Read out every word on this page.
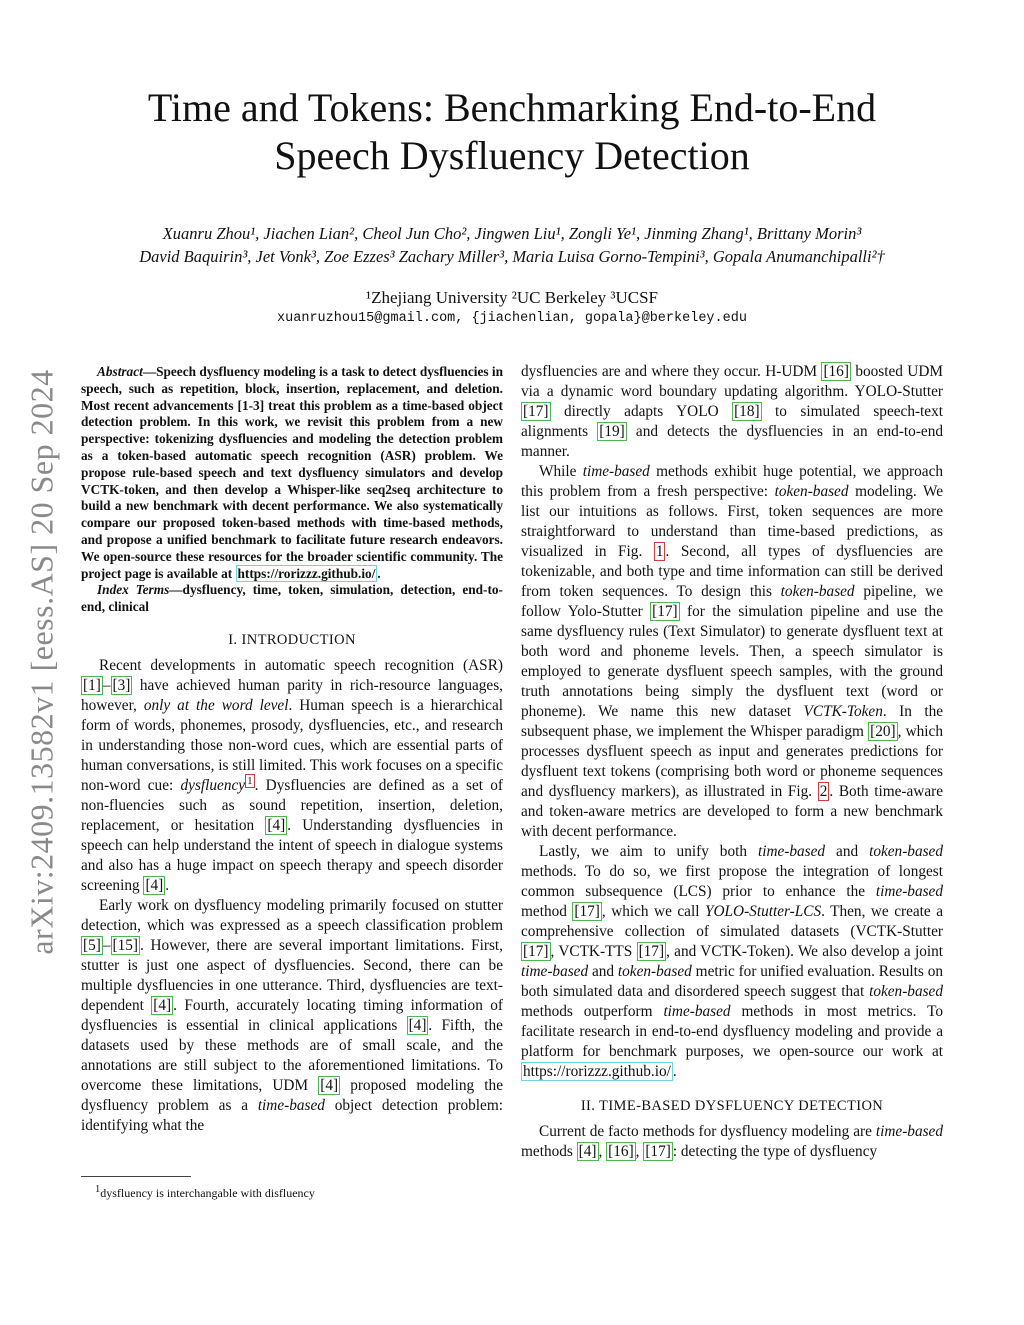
arXiv:2409.13582v1 [eess.AS] 20 Sep 2024
Time and Tokens: Benchmarking End-to-End
Speech Dysfluency Detection
Xuanru Zhou¹, Jiachen Lian², Cheol Jun Cho², Jingwen Liu¹, Zongli Ye¹, Jinming Zhang¹, Brittany Morin³
David Baquirin³, Jet Vonk³, Zoe Ezzes³ Zachary Miller³, Maria Luisa Gorno-Tempini³, Gopala Anumanchipalli²†
¹Zhejiang University ²UC Berkeley ³UCSF
xuanruzhou15@gmail.com, {jiachenlian, gopala}@berkeley.edu

Abstract—Speech dysfluency modeling is a task to detect dysfluencies in speech, such as repetition, block, insertion, replacement, and deletion. Most recent advancements [1-3] treat this problem as a time-based object detection problem. In this work, we revisit this problem from a new perspective: tokenizing dysfluencies and modeling the detection problem as a token-based automatic speech recognition (ASR) problem. We propose rule-based speech and text dysfluency simulators and develop VCTK-token, and then develop a Whisper-like seq2seq architecture to build a new benchmark with decent performance. We also systematically compare our proposed token-based methods with time-based methods, and propose a unified benchmark to facilitate future research endeavors. We open-source these resources for the broader scientific community. The project page is available at https://rorizzz.github.io/ .

Index Terms—dysfluency, time, token, simulation, detection, end-to-end, clinical

I. INTRODUCTION

Recent developments in automatic speech recognition (ASR) [1] – [3] have achieved human parity in rich-resource languages, however, only at the word level. Human speech is a hierarchical form of words, phonemes, prosody, dysfluencies, etc., and research in understanding those non-word cues, which are essential parts of human conversations, is still limited. This work focuses on a specific non-word cue: dysfluency $^1$ . Dysfluencies are defined as a set of non-fluencies such as sound repetition, insertion, deletion, replacement, or hesitation [4] . Understanding dysfluencies in speech can help understand the intent of speech in dialogue systems and also has a huge impact on speech therapy and speech disorder screening [4] .

Early work on dysfluency modeling primarily focused on stutter detection, which was expressed as a speech classification problem [5] – [15] . However, there are several important limitations. First, stutter is just one aspect of dysfluencies. Second, there can be multiple dysfluencies in one utterance. Third, dysfluencies are text-dependent [4] . Fourth, accurately locating timing information of dysfluencies is essential in clinical applications [4] . Fifth, the datasets used by these methods are of small scale, and the annotations are still subject to the aforementioned limitations. To overcome these limitations, UDM [4] proposed modeling the dysfluency problem as a time-based object detection problem: identifying what the

dysfluencies are and where they occur. H-UDM [16] boosted UDM via a dynamic word boundary updating algorithm. YOLO-Stutter [17] directly adapts YOLO [18] to simulated speech-text alignments [19] and detects the dysfluencies in an end-to-end manner.

While time-based methods exhibit huge potential, we approach this problem from a fresh perspective: token-based modeling. We list our intuitions as follows. First, token sequences are more straightforward to understand than time-based predictions, as visualized in Fig. 1 . Second, all types of dysfluencies are tokenizable, and both type and time information can still be derived from token sequences. To design this token-based pipeline, we follow Yolo-Stutter [17] for the simulation pipeline and use the same dysfluency rules (Text Simulator) to generate dysfluent text at both word and phoneme levels. Then, a speech simulator is employed to generate dysfluent speech samples, with the ground truth annotations being simply the dysfluent text (word or phoneme). We name this new dataset VCTK-Token. In the subsequent phase, we implement the Whisper paradigm [20] , which processes dysfluent speech as input and generates predictions for dysfluent text tokens (comprising both word or phoneme sequences and dysfluency markers), as illustrated in Fig. 2 . Both time-aware and token-aware metrics are developed to form a new benchmark with decent performance.

Lastly, we aim to unify both time-based and token-based methods. To do so, we first propose the integration of longest common subsequence (LCS) prior to enhance the time-based method [17] , which we call YOLO-Stutter-LCS. Then, we create a comprehensive collection of simulated datasets (VCTK-Stutter [17] , VCTK-TTS [17] , and VCTK-Token). We also develop a joint time-based and token-based metric for unified evaluation. Results on both simulated data and disordered speech suggest that token-based methods outperform time-based methods in most metrics. To facilitate research in end-to-end dysfluency modeling and provide a platform for benchmark purposes, we open-source our work at https://rorizzz.github.io/ .

II. TIME-BASED DYSFLUENCY DETECTION

Current de facto methods for dysfluency modeling are time-based methods [4] , [16] , [17] : detecting the type of dysfluency

$^1$dysfluency is interchangable with disfluency
